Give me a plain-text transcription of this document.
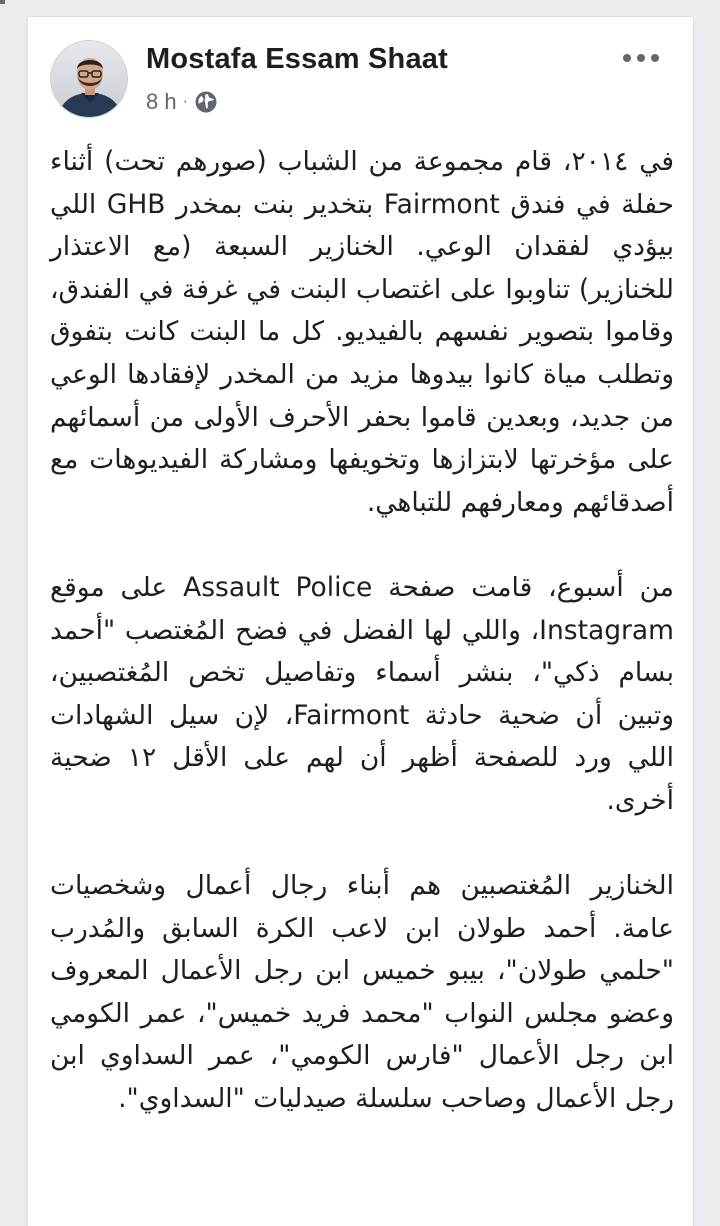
Mostafa Essam Shaat
8 h ·

في ٢٠١٤، قام مجموعة من الشباب (صورهم تحت) أثناء حفلة في فندق Fairmont بتخدير بنت بمخدر GHB اللي بيؤدي لفقدان الوعي. الخنازير السبعة (مع الاعتذار للخنازير) تناوبوا على اغتصاب البنت في غرفة في الفندق، وقاموا بتصوير نفسهم بالفيديو. كل ما البنت كانت بتفوق وتطلب مياة كانوا بيدوها مزيد من المخدر لإفقادها الوعي من جديد، وبعدين قاموا بحفر الأحرف الأولى من أسمائهم على مؤخرتها لابتزازها وتخويفها ومشاركة الفيديوهات مع أصدقائهم ومعارفهم للتباهي.

من أسبوع، قامت صفحة Assault Police على موقع Instagram، واللي لها الفضل في فضح المُغتصب "أحمد بسام ذكي"، بنشر أسماء وتفاصيل تخص المُغتصبين، وتبين أن ضحية حادثة Fairmont، لإن سيل الشهادات اللي ورد للصفحة أظهر أن لهم على الأقل ١٢ ضحية أخرى.

الخنازير المُغتصبين هم أبناء رجال أعمال وشخصيات عامة. أحمد طولان ابن لاعب الكرة السابق والمُدرب "حلمي طولان"، بيبو خميس ابن رجل الأعمال المعروف وعضو مجلس النواب "محمد فريد خميس"، عمر الكومي ابن رجل الأعمال "فارس الكومي"، عمر السداوي ابن رجل الأعمال وصاحب سلسلة صيدليات "السداوي".
